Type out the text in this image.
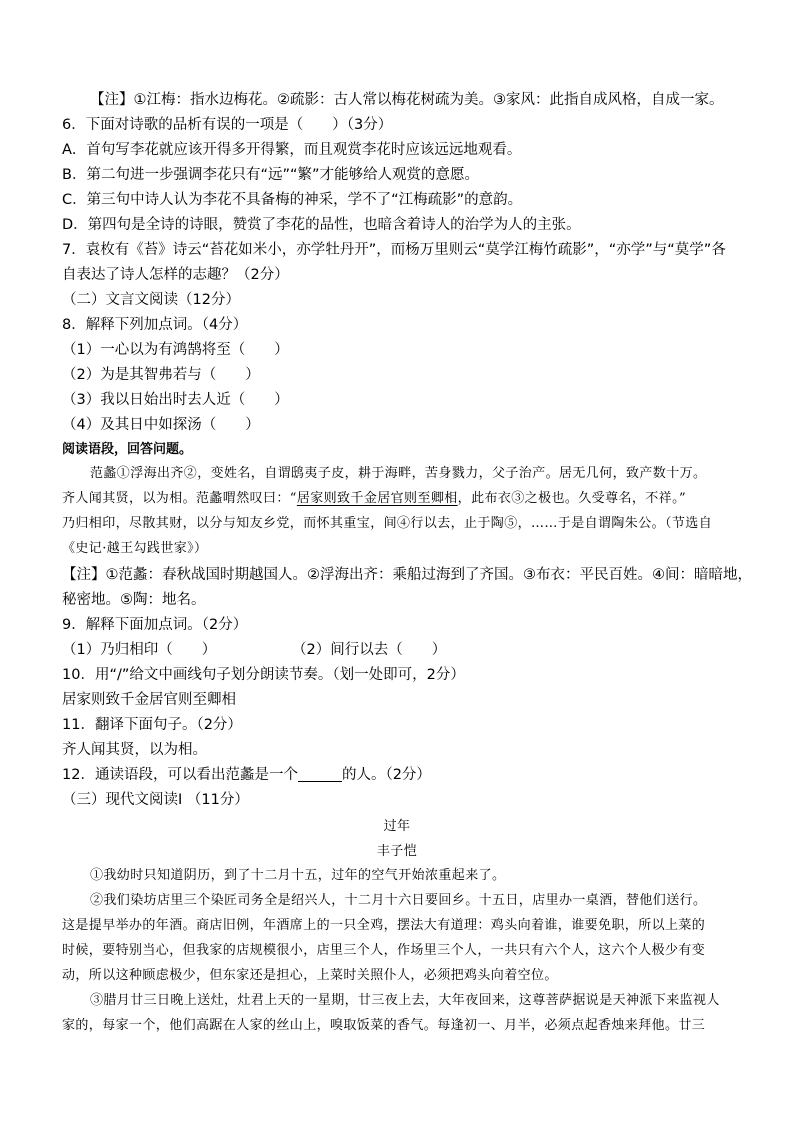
【注】①江梅：指水边梅花。②疏影：古人常以梅花树疏为美。③家风：此指自成风格，自成一家。
6．下面对诗歌的品析有误的一项是（　　）（3分）
A．首句写李花就应该开得多开得繁，而且观赏李花时应该远远地观看。
B．第二句进一步强调李花只有“远”“繁”才能够给人观赏的意愿。
C．第三句中诗人认为李花不具备梅的神采，学不了“江梅疏影”的意韵。
D．第四句是全诗的诗眼，赞赏了李花的品性，也暗含着诗人的治学为人的主张。
7．袁枚有《苔》诗云“苔花如米小，亦学牡丹开”，而杨万里则云“莫学江梅竹疏影”，“亦学”与“莫学”各
自表达了诗人怎样的志趣？（2分）
（二）文言文阅读（12分）
8．解释下列加点词。（4分）
（1）一心以为有鸿鹄将至（　　）
（2）为是其智弗若与（　　）
（3）我以日始出时去人近（　　）
（4）及其日中如探汤（　　）
阅读语段，回答问题。
范蠡①浮海出齐②，变姓名，自谓鸱夷子皮，耕于海畔，苦身戮力，父子治产。居无几何，致产数十万。
齐人闻其贤，以为相。范蠡喟然叹曰：“居家则致千金居官则至卿相，此布衣③之极也。久受尊名，不祥。”
乃归相印，尽散其财，以分与知友乡党，而怀其重宝，间④行以去，止于陶⑤，……于是自谓陶朱公。（节选自
《史记·越王勾践世家》）
【注】①范蠡：春秋战国时期越国人。②浮海出齐：乘船过海到了齐国。③布衣：平民百姓。④间：暗暗地，
秘密地。⑤陶：地名。
9．解释下面加点词。（2分）
（1）乃归相印（　　）	（2）间行以去（　　）
10．用“/”给文中画线句子划分朗读节奏。（划一处即可，2分）
居家则致千金居官则至卿相
11．翻译下面句子。（2分）
齐人闻其贤，以为相。
12．通读语段，可以看出范蠡是一个	的人。（2分）
（三）现代文阅读Ⅰ （11分）
过年
丰子恺
①我幼时只知道阴历，到了十二月十五，过年的空气开始浓重起来了。
②我们染坊店里三个染匠司务全是绍兴人，十二月十六日要回乡。十五日，店里办一桌酒，替他们送行。
这是提早举办的年酒。商店旧例，年酒席上的一只全鸡，摆法大有道理：鸡头向着谁，谁要免职，所以上菜的
时候，要特别当心，但我家的店规模很小，店里三个人，作场里三个人，一共只有六个人，这六个人极少有变
动，所以这种顾虑极少，但东家还是担心，上菜时关照仆人，必须把鸡头向着空位。
③腊月廿三日晚上送灶，灶君上天的一星期，廿三夜上去，大年夜回来，这尊菩萨据说是天神派下来监视人
家的，每家一个，他们高踞在人家的丝山上，嗅取饭菜的香气。每逢初一、月半，必须点起香烛来拜他。廿三
